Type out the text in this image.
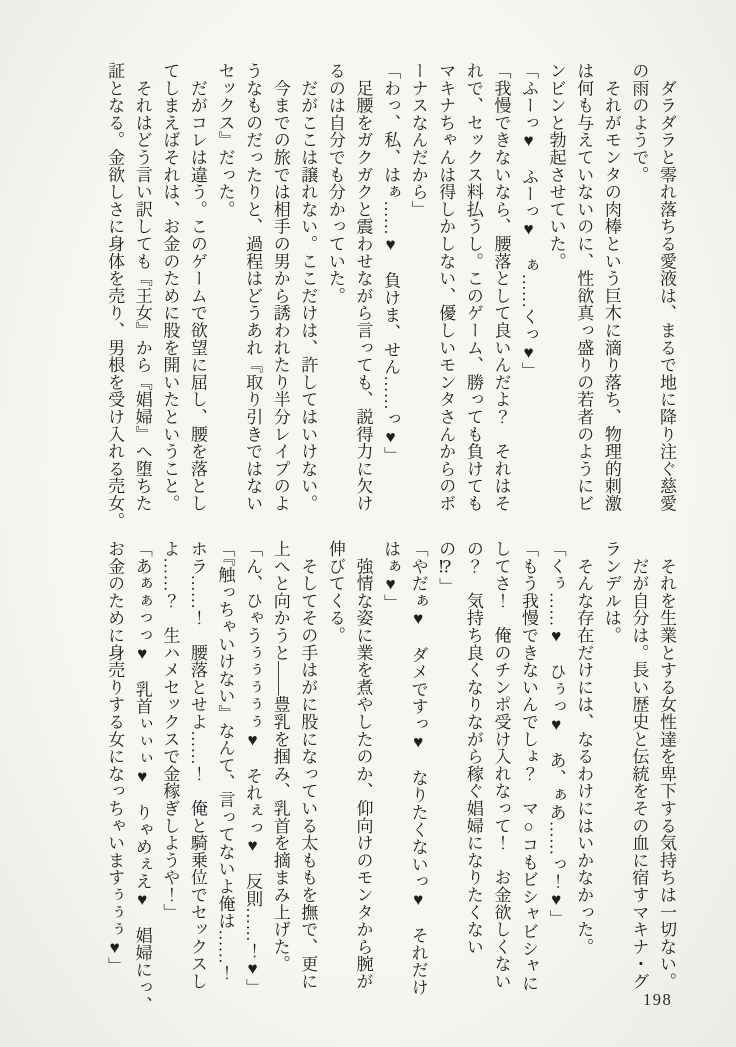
　ダラダラと零れ落ちる愛液は、まるで地に降り注ぐ慈愛

の雨のようで。

　それがモンタの肉棒という巨木に滴り落ち、物理的刺激

は何も与えていないのに、性欲真っ盛りの若者のようにビ

ンビンと勃起させていた。

「ふーっ♥　ふーっ♥　ぁ……くっ♥」

「我慢できないなら、腰落として良いんだよ？　それはそ

れで、セックス料払うし。このゲーム、勝っても負けても

マキナちゃんは得しかしない、優しいモンタさんからのボ

ーナスなんだから」

「わっ、私、はぁ……♥　負けま、せん……っ♥」

　足腰をガクガクと震わせながら言っても、説得力に欠け

るのは自分でも分かっていた。

　だがここは譲れない。ここだけは、許してはいけない。

　今までの旅では相手の男から誘われたり半分レイプのよ

うなものだったりと、過程はどうあれ『取り引きではない

セックス』だった。

　だがコレは違う。このゲームで欲望に屈し、腰を落とし

てしまえばそれは、お金のために股を開いたということ。

　それはどう言い訳しても『王女』から『娼婦』へ堕ちた

証となる。金欲しさに身体を売り、男根を受け入れる売女。

　それを生業とする女性達を卑下する気持ちは一切ない。

　だが自分は。長い歴史と伝統をその血に宿すマキナ・グ

ランデルは。

　そんな存在だけには、なるわけにはいかなかった。

「くぅ……♥　ひぅっ♥　あ、ぁあ……っ！♥」

「もう我慢できないんでしょ？　マ○コもビシャビシャに

してさ！　俺のチンポ受け入れなって！　お金欲しくない

の？　気持ち良くなりながら稼ぐ娼婦になりたくない

の⁉」

「やだぁ♥　ダメですっ♥　なりたくないっ♥　それだけ

はぁ♥」

　強情な姿に業を煮やしたのか、仰向けのモンタから腕が

伸びてくる。

　そしてその手はがに股になっている太ももを撫で、更に

上へと向かうと――豊乳を掴み、乳首を摘まみ上げた。

「ん、ひゃうぅぅぅぅぅ♥　それぇっ♥　反則……！♥」

「『触っちゃいけない』なんて、言ってないよ俺は……！

ホラ……！　腰落とせよ……！　俺と騎乗位でセックスし

よ……？　生ハメセックスで金稼ぎしようや！」

「あぁぁっっ♥　乳首ぃぃぃ♥　りゃめぇえ♥　娼婦にっ、

お金のために身売りする女になっちゃいますぅぅぅ♥」

198
